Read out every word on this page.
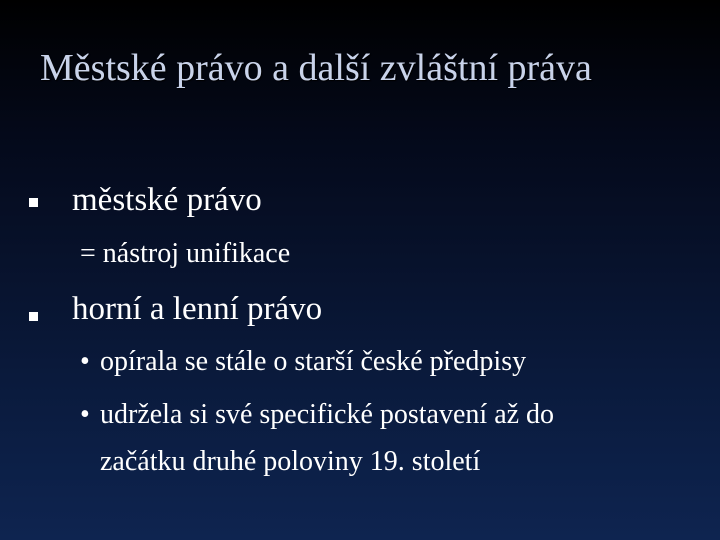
Městské právo a další zvláštní práva
městské právo
= nástroj unifikace
horní a lenní právo
• opírala se stále o starší české předpisy
• udržela si své specifické postavení až do
začátku druhé poloviny 19. století
